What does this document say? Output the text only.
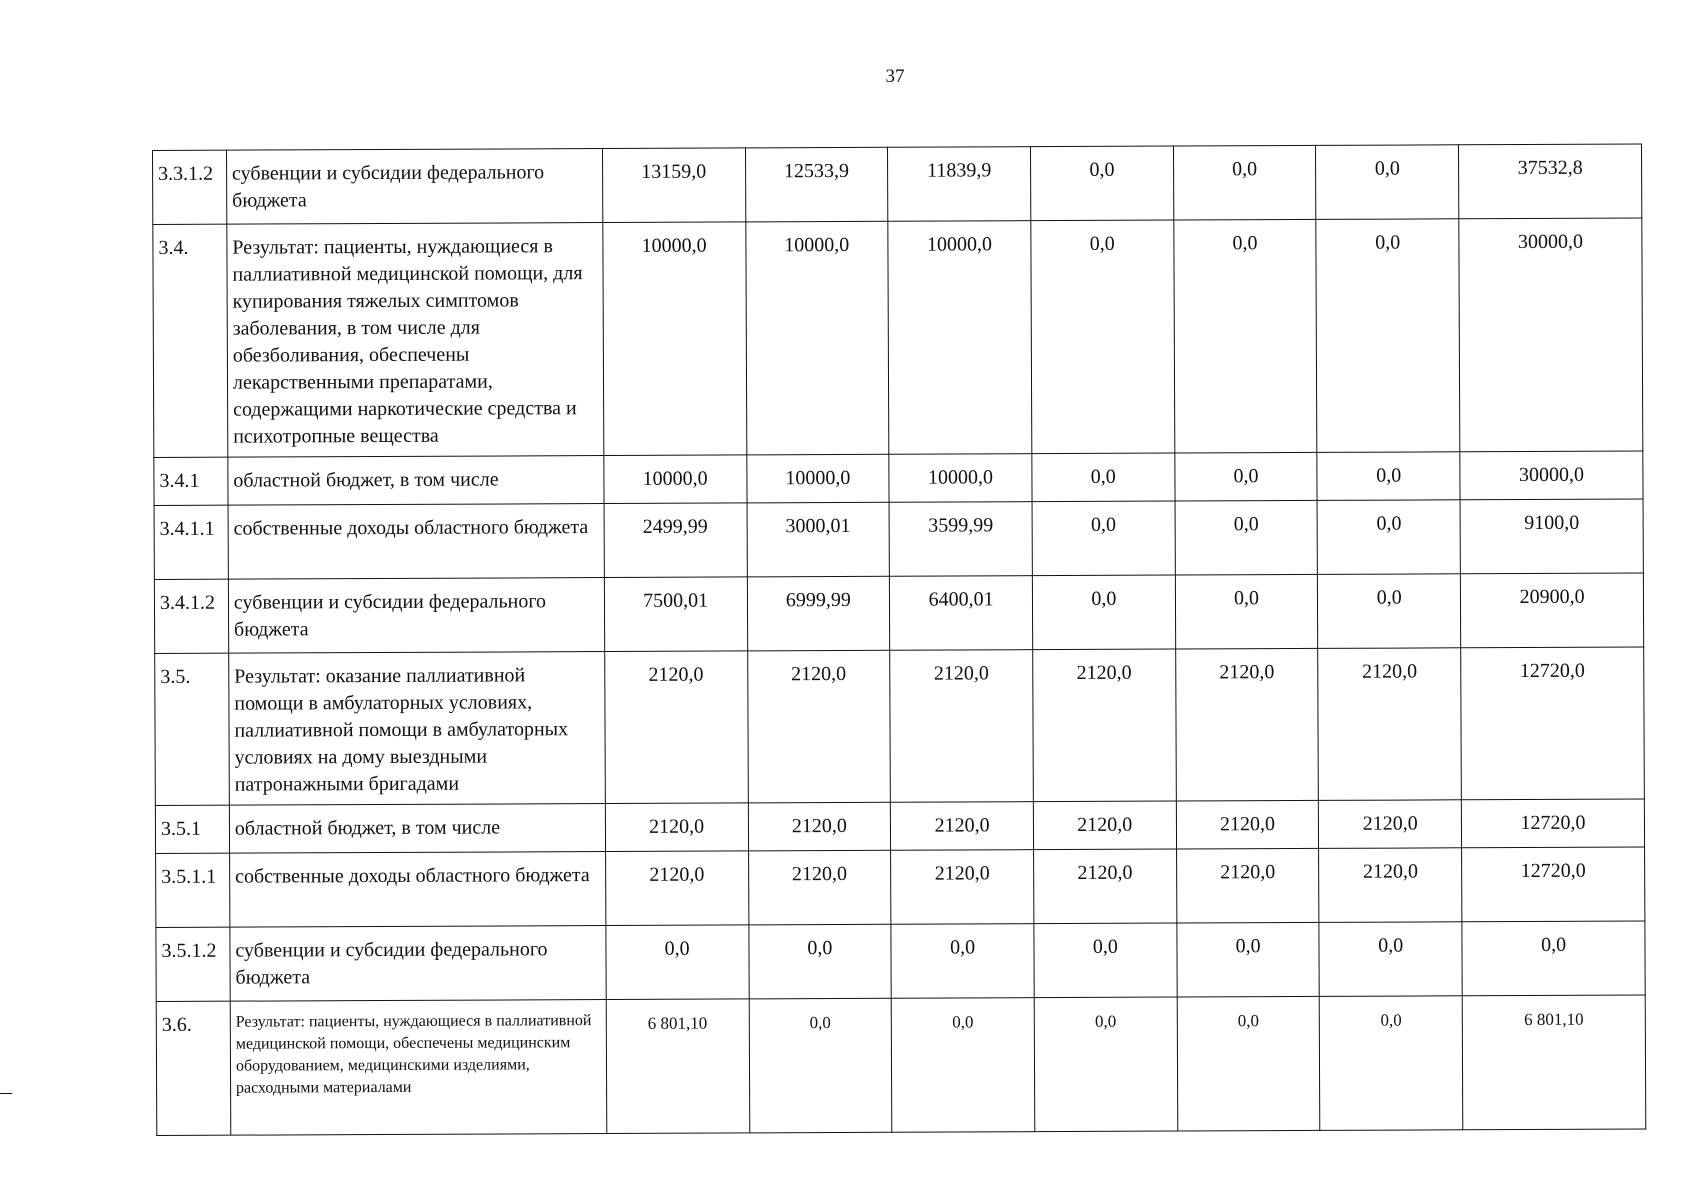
37
3.3.1.2	субвенции и субсидии федерального бюджета	13159,0	12533,9	11839,9	0,0	0,0	0,0	37532,8
3.4.	Результат: пациенты, нуждающиеся в паллиативной медицинской помощи, для купирования тяжелых симптомов заболевания, в том числе для обезболивания, обеспечены лекарственными препаратами, содержащими наркотические средства и психотропные вещества	10000,0	10000,0	10000,0	0,0	0,0	0,0	30000,0
3.4.1	областной бюджет, в том числе	10000,0	10000,0	10000,0	0,0	0,0	0,0	30000,0
3.4.1.1	собственные доходы областного бюджета	2499,99	3000,01	3599,99	0,0	0,0	0,0	9100,0
3.4.1.2	субвенции и субсидии федерального бюджета	7500,01	6999,99	6400,01	0,0	0,0	0,0	20900,0
3.5.	Результат: оказание паллиативной помощи в амбулаторных условиях, паллиативной помощи в амбулаторных условиях на дому выездными патронажными бригадами	2120,0	2120,0	2120,0	2120,0	2120,0	2120,0	12720,0
3.5.1	областной бюджет, в том числе	2120,0	2120,0	2120,0	2120,0	2120,0	2120,0	12720,0
3.5.1.1	собственные доходы областного бюджета	2120,0	2120,0	2120,0	2120,0	2120,0	2120,0	12720,0
3.5.1.2	субвенции и субсидии федерального бюджета	0,0	0,0	0,0	0,0	0,0	0,0	0,0
3.6.	Результат: пациенты, нуждающиеся в паллиативной медицинской помощи, обеспечены медицинским оборудованием, медицинскими изделиями, расходными материалами	6 801,10	0,0	0,0	0,0	0,0	0,0	6 801,10
